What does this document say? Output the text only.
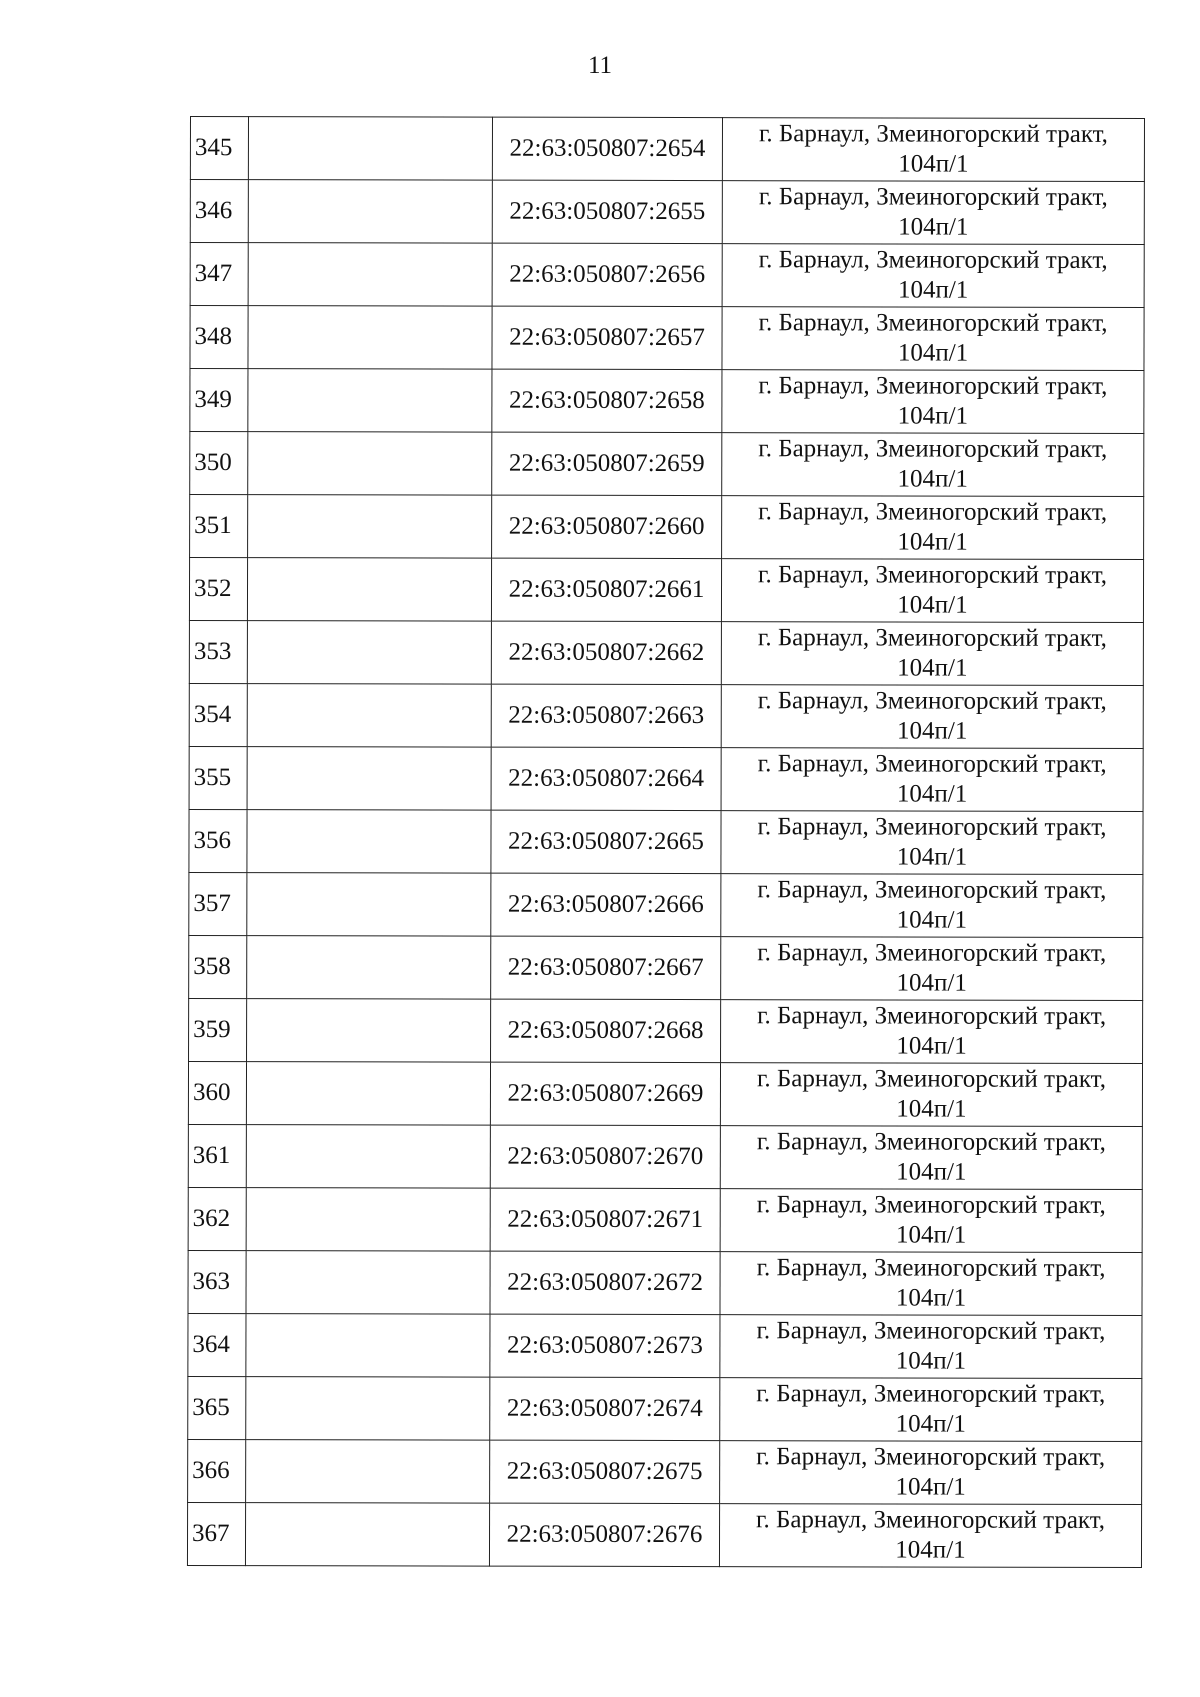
11
345		22:63:050807:2654	г. Барнаул, Змеиногорский тракт,
104п/1

346		22:63:050807:2655	г. Барнаул, Змеиногорский тракт,
104п/1

347		22:63:050807:2656	г. Барнаул, Змеиногорский тракт,
104п/1

348		22:63:050807:2657	г. Барнаул, Змеиногорский тракт,
104п/1

349		22:63:050807:2658	г. Барнаул, Змеиногорский тракт,
104п/1

350		22:63:050807:2659	г. Барнаул, Змеиногорский тракт,
104п/1

351		22:63:050807:2660	г. Барнаул, Змеиногорский тракт,
104п/1

352		22:63:050807:2661	г. Барнаул, Змеиногорский тракт,
104п/1

353		22:63:050807:2662	г. Барнаул, Змеиногорский тракт,
104п/1

354		22:63:050807:2663	г. Барнаул, Змеиногорский тракт,
104п/1

355		22:63:050807:2664	г. Барнаул, Змеиногорский тракт,
104п/1

356		22:63:050807:2665	г. Барнаул, Змеиногорский тракт,
104п/1

357		22:63:050807:2666	г. Барнаул, Змеиногорский тракт,
104п/1

358		22:63:050807:2667	г. Барнаул, Змеиногорский тракт,
104п/1

359		22:63:050807:2668	г. Барнаул, Змеиногорский тракт,
104п/1

360		22:63:050807:2669	г. Барнаул, Змеиногорский тракт,
104п/1

361		22:63:050807:2670	г. Барнаул, Змеиногорский тракт,
104п/1

362		22:63:050807:2671	г. Барнаул, Змеиногорский тракт,
104п/1

363		22:63:050807:2672	г. Барнаул, Змеиногорский тракт,
104п/1

364		22:63:050807:2673	г. Барнаул, Змеиногорский тракт,
104п/1

365		22:63:050807:2674	г. Барнаул, Змеиногорский тракт,
104п/1

366		22:63:050807:2675	г. Барнаул, Змеиногорский тракт,
104п/1

367		22:63:050807:2676	г. Барнаул, Змеиногорский тракт,
104п/1
